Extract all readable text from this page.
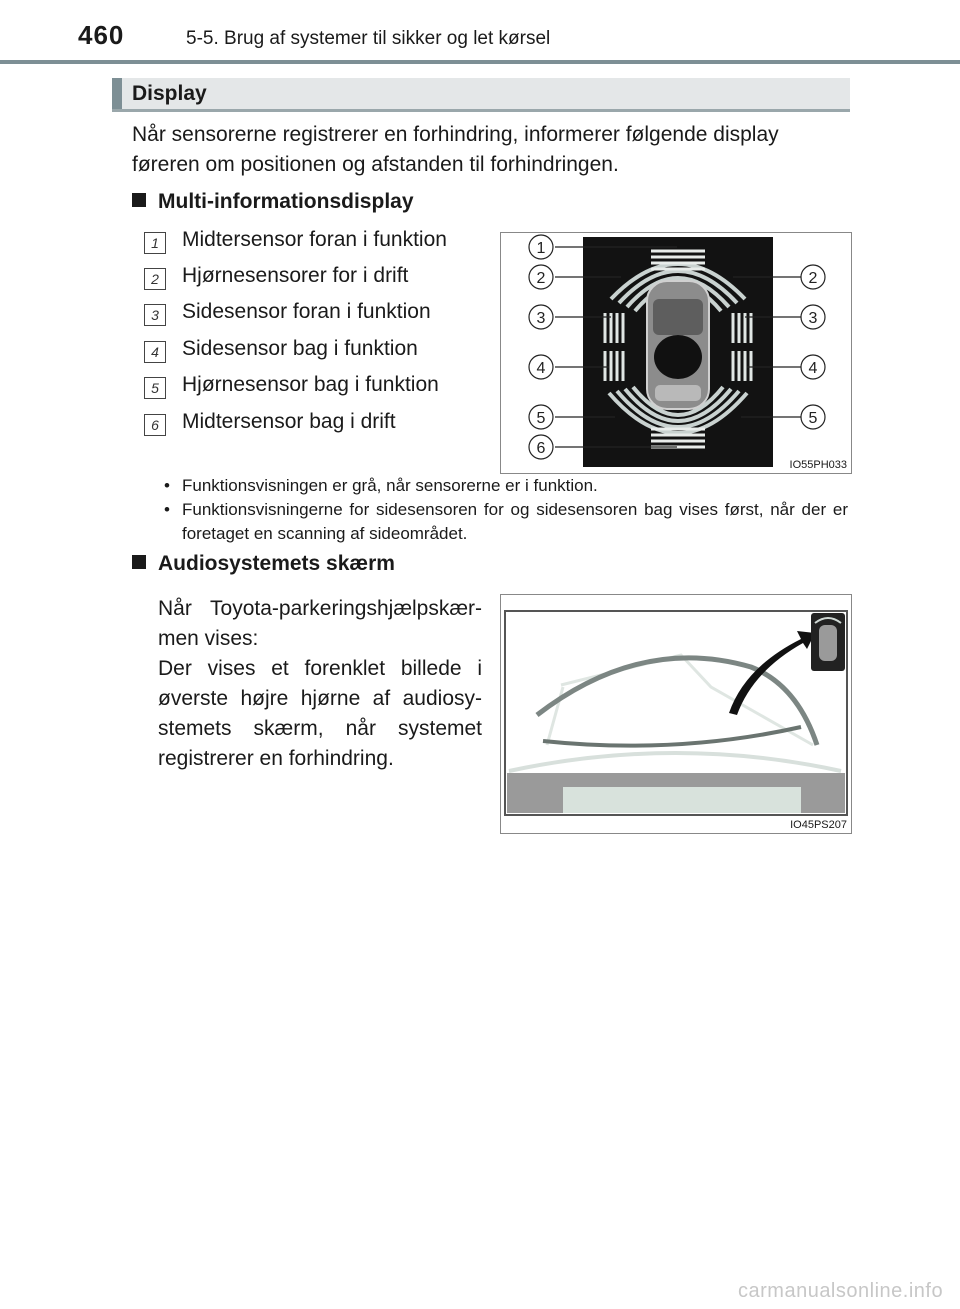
460	5-5. Brug af systemer til sikker og let kørsel
Display
Når sensorerne registrerer en forhindring, informerer følgende display føreren om positionen og afstanden til forhindringen.
Multi-informationsdisplay
1	Midtersensor foran i funktion
2	Hjørnesensorer for i drift
3	Sidesensor foran i funktion
4	Sidesensor bag i funktion
5	Hjørnesensor bag i funktion
6	Midtersensor bag i drift
1
2	2
3	3
4	4
5	5
6
IO55PH033
• Funktionsvisningen er grå, når sensorerne er i funktion.
• Funktionsvisningerne for sidesensoren for og sidesensoren bag vises først, når der er foretaget en scanning af sideområdet.
Audiosystemets skærm
Når Toyota-parkeringshjælpskær-men vises:
Der vises et forenklet billede i øverste højre hjørne af audiosy-stemets skærm, når systemet registrerer en forhindring.
IO45PS207
carmanualsonline.info
